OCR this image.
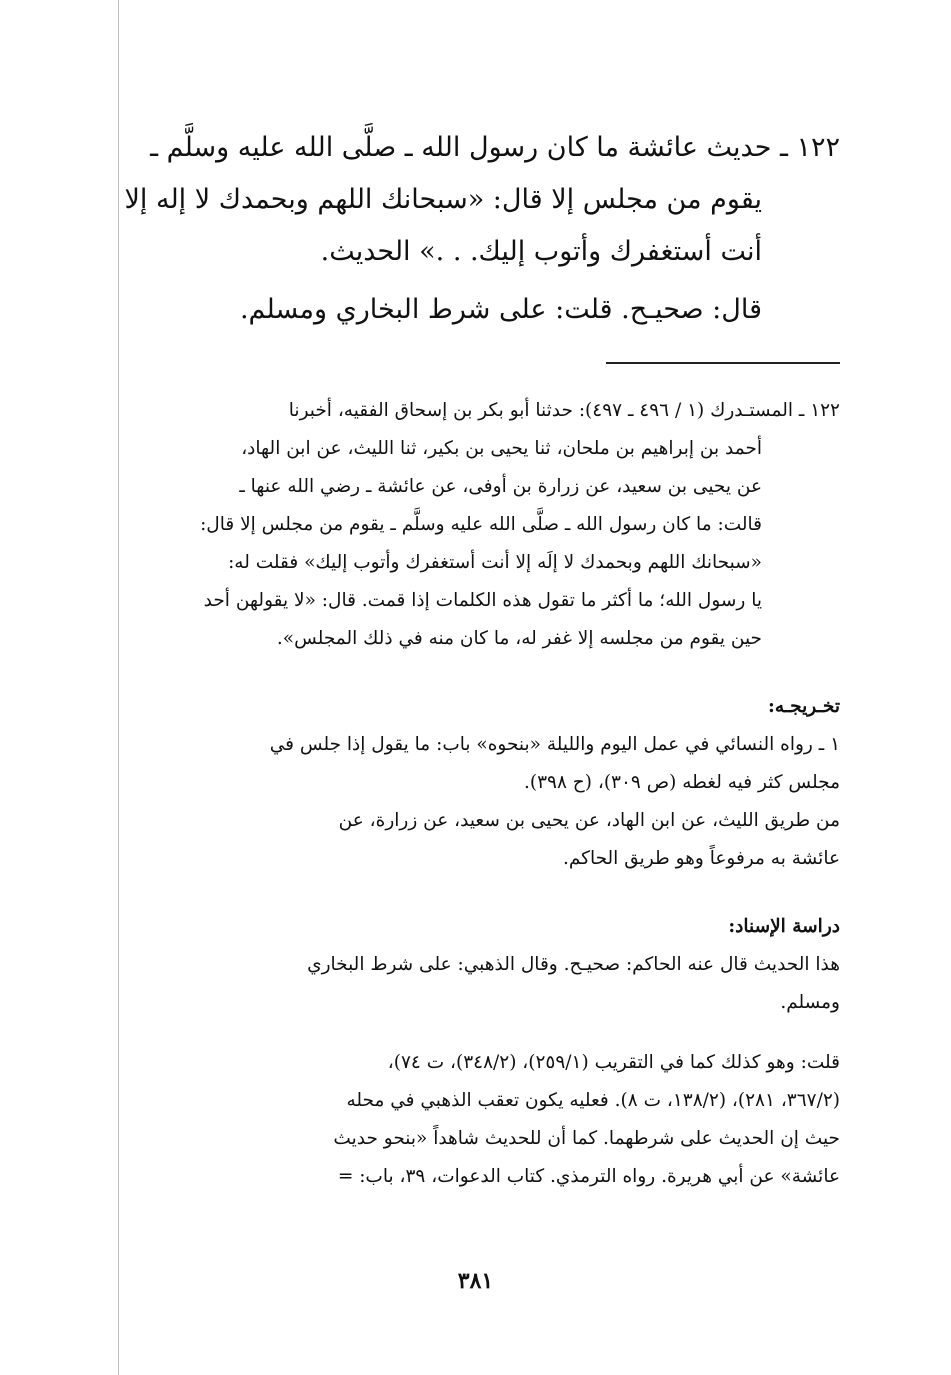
١٢٢ ـ حديث عائشة ما كان رسول الله ـ صلَّى الله عليه وسلَّم ـ
يقوم من مجلس إلا قال: «سبحانك اللهم وبحمدك لا إله إلا
أنت أستغفرك وأتوب إليك. . .» الحديث.
قال: صحيـح. قلت: على شرط البخاري ومسلم.
١٢٢ ـ المستـدرك (١ / ٤٩٦ ـ ٤٩٧): حدثنا أبو بكر بن إسحاق الفقيه، أخبرنا
أحمد بن إبراهيم بن ملحان، ثنا يحيى بن بكير، ثنا الليث، عن ابن الهاد،
عن يحيى بن سعيد، عن زرارة بن أوفى، عن عائشة ـ رضي الله عنها ـ
قالت: ما كان رسول الله ـ صلَّى الله عليه وسلَّم ـ يقوم من مجلس إلا قال:
«سبحانك اللهم وبحمدك لا إلَه إلا أنت أستغفرك وأتوب إليك» فقلت له:
يا رسول الله؛ ما أكثر ما تقول هذه الكلمات إذا قمت. قال: «لا يقولهن أحد
حين يقوم من مجلسه إلا غفر له، ما كان منه في ذلك المجلس».
تخـريجـه:
١ ـ رواه النسائي في عمل اليوم والليلة «بنحوه» باب: ما يقول إذا جلس في
مجلس كثر فيه لغطه (ص ٣٠٩)، (ح ٣٩٨).
من طريق الليث، عن ابن الهاد، عن يحيى بن سعيد، عن زرارة، عن
عائشة به مرفوعاً وهو طريق الحاكم.
دراسة الإسناد:
هذا الحديث قال عنه الحاكم: صحيـح. وقال الذهبي: على شرط البخاري
ومسلم.
قلت: وهو كذلك كما في التقريب (٢٥٩/١)، (٣٤٨/٢)، ت ٧٤)،
(٣٦٧/٢، ٢٨١)، (١٣٨/٢، ت ٨). فعليه يكون تعقب الذهبي في محله
حيث إن الحديث على شرطهما. كما أن للحديث شاهداً «بنحو حديث
عائشة» عن أبي هريرة. رواه الترمذي. كتاب الدعوات، ٣٩، باب: =
٣٨١
